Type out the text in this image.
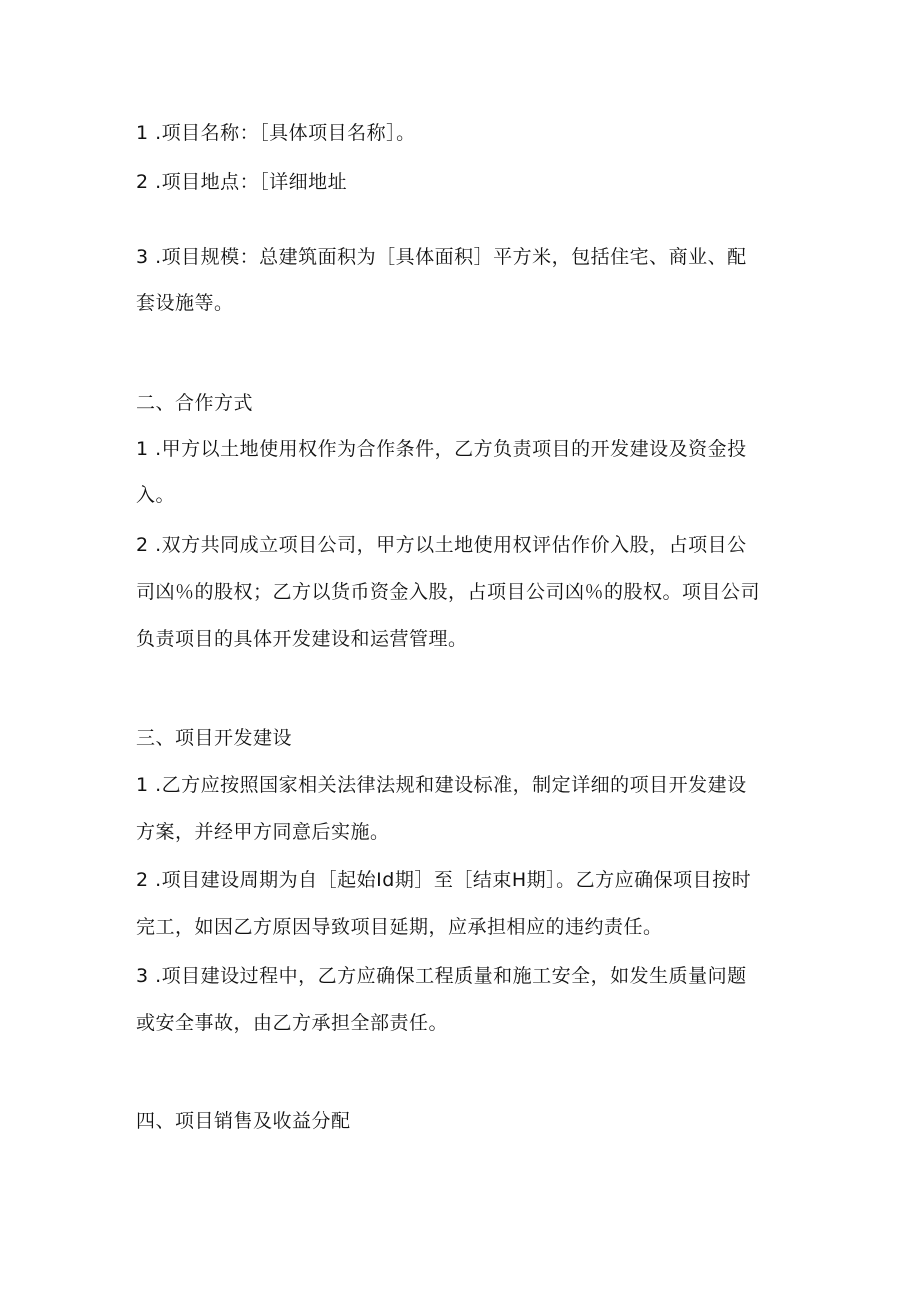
1 .项目名称：［具体项目名称］。
2 .项目地点：［详细地址
3 .项目规模：总建筑面积为［具体面积］平方米，包括住宅、商业、配
套设施等。
二、合作方式
1 .甲方以土地使用权作为合作条件，乙方负责项目的开发建设及资金投
入。
2 .双方共同成立项目公司，甲方以土地使用权评估作价入股，占项目公
司凶％的股权；乙方以货币资金入股，占项目公司凶％的股权。项目公司
负责项目的具体开发建设和运营管理。
三、项目开发建设
1 .乙方应按照国家相关法律法规和建设标准，制定详细的项目开发建设
方案，并经甲方同意后实施。
2 .项目建设周期为自［起始Id期］至［结束H期］。乙方应确保项目按时
完工，如因乙方原因导致项目延期，应承担相应的违约责任。
3 .项目建设过程中，乙方应确保工程质量和施工安全，如发生质量问题
或安全事故，由乙方承担全部责任。
四、项目销售及收益分配
